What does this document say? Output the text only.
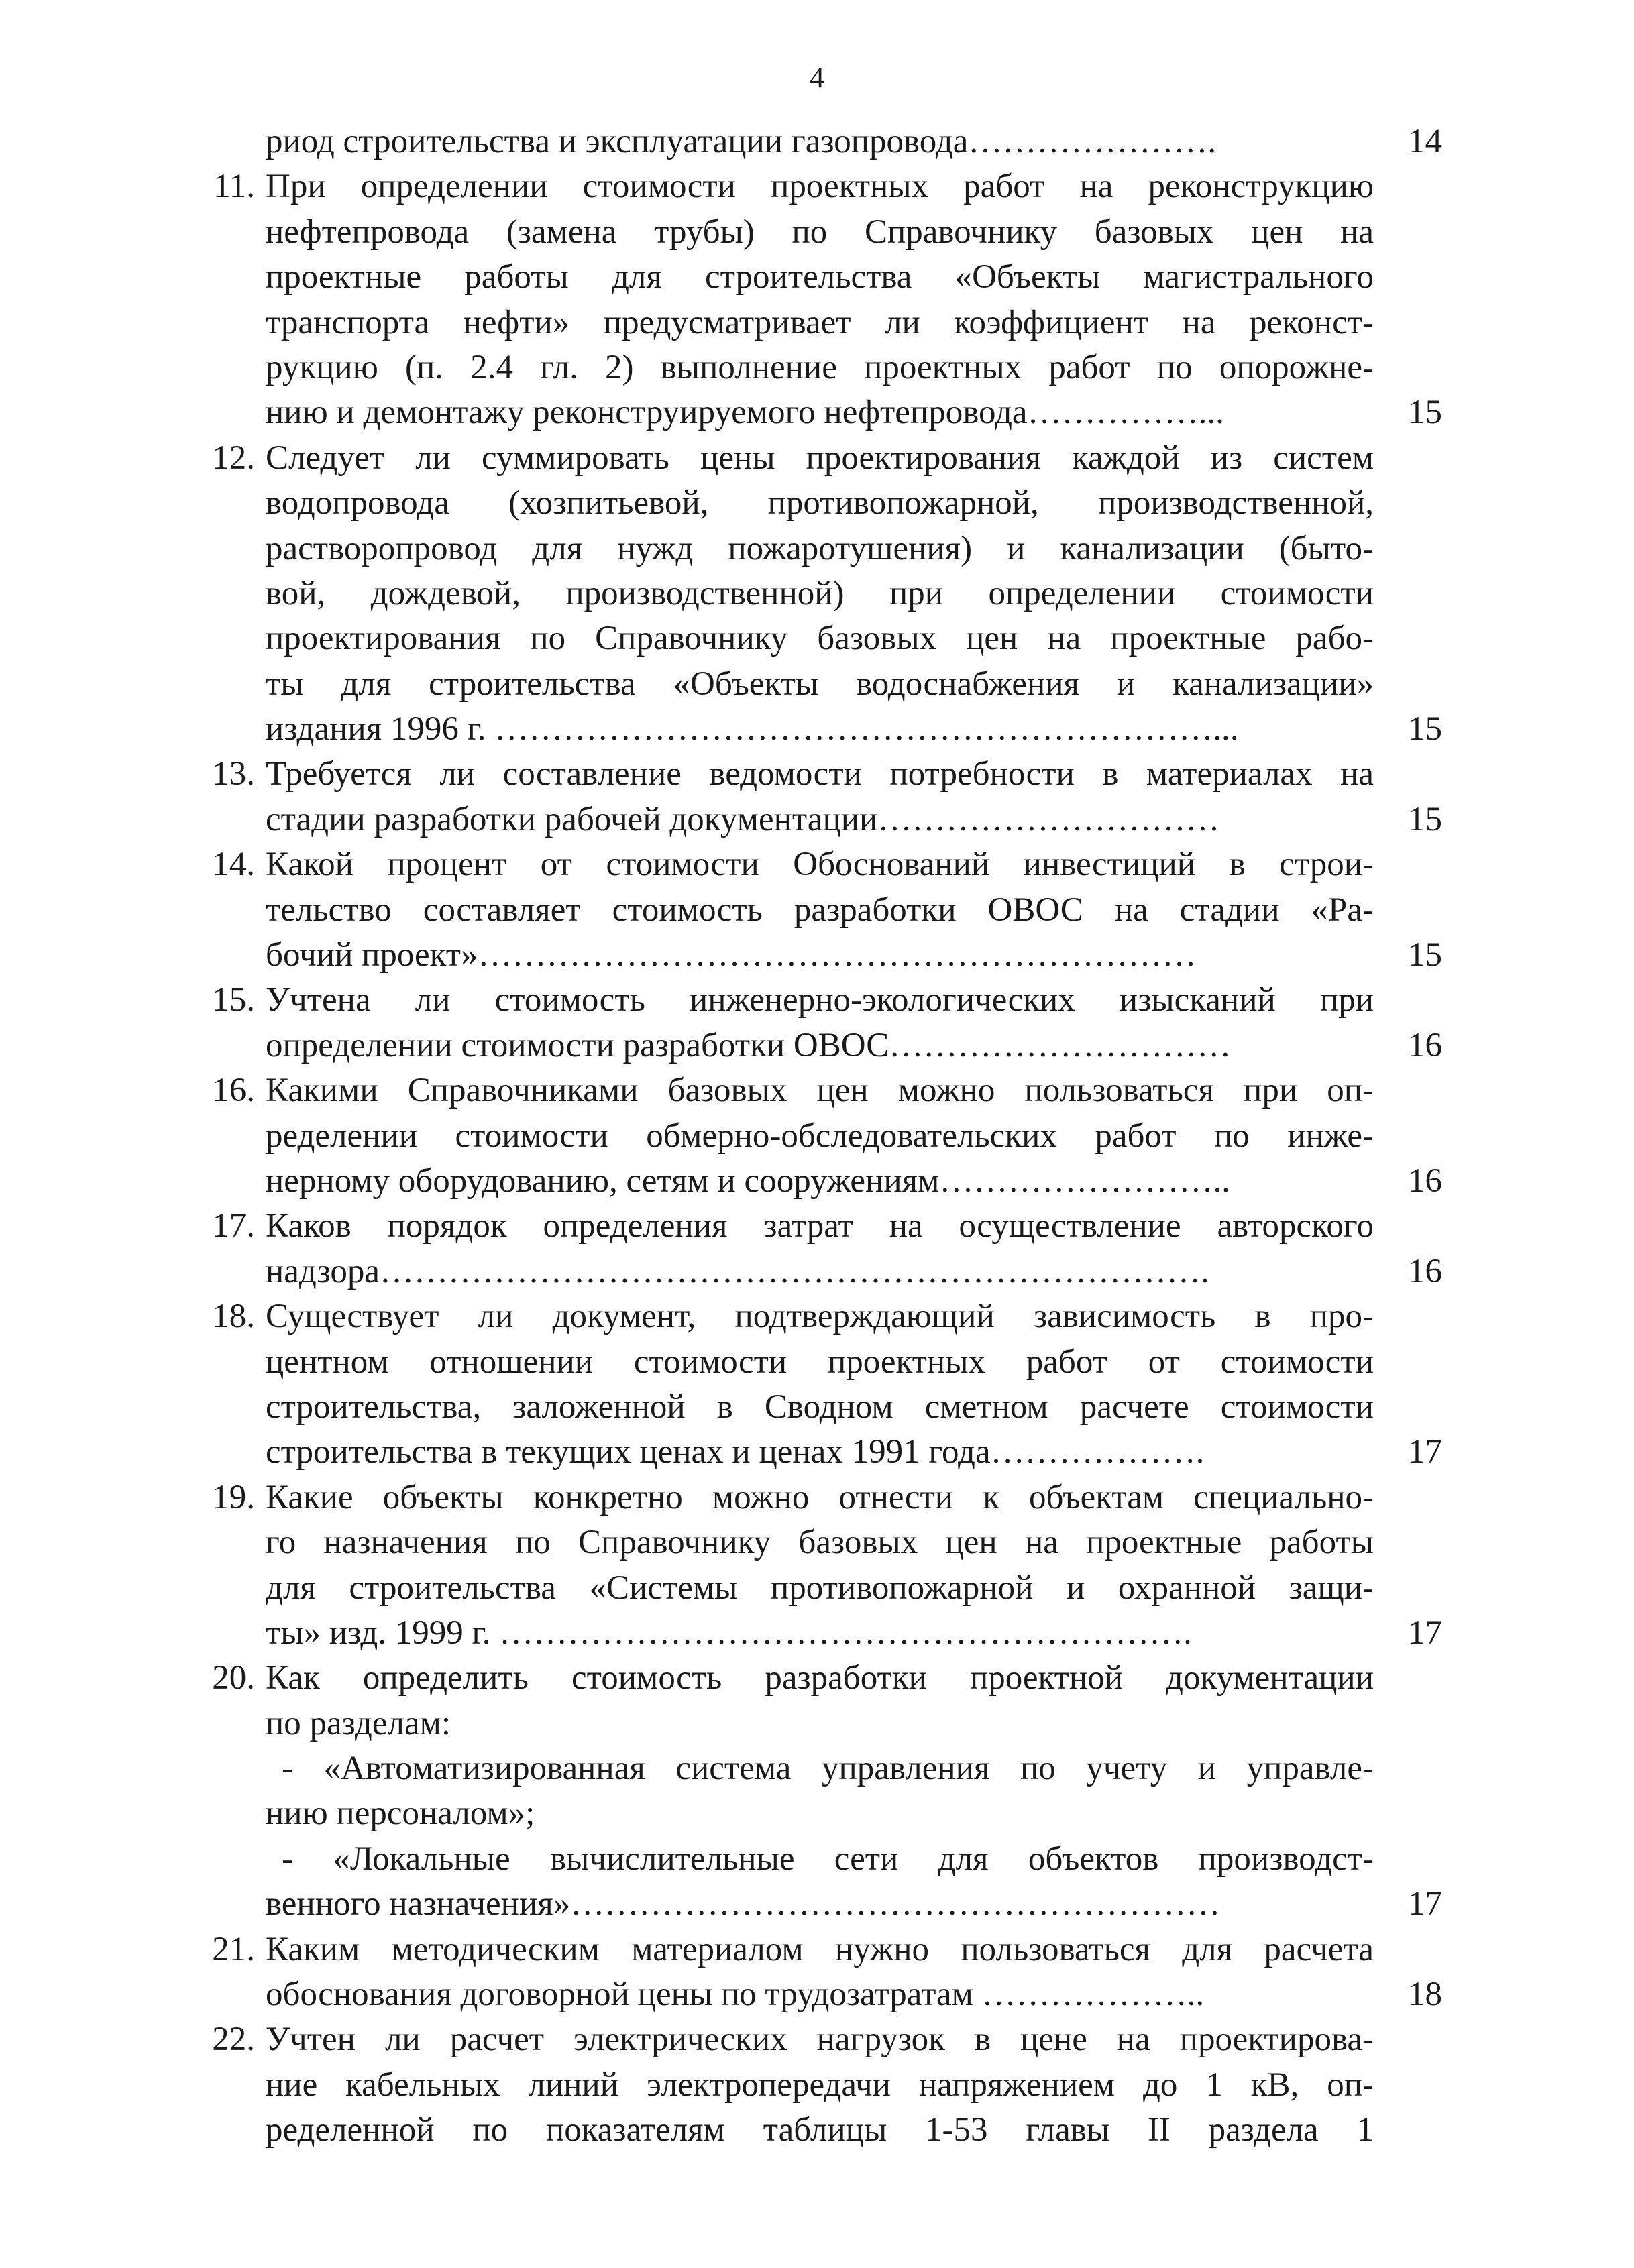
4
риод строительства и эксплуатации газопровода………………….	14
11. При определении стоимости проектных работ на реконструкцию
нефтепровода (замена трубы) по Справочнику базовых цен на
проектные работы для строительства «Объекты магистрального
транспорта нефти» предусматривает ли коэффициент на реконст-
рукцию (п. 2.4 гл. 2) выполнение проектных работ по опорожне-
нию и демонтажу реконструируемого нефтепровода……………...	15
12. Следует ли суммировать цены проектирования каждой из систем
водопровода (хозпитьевой, противопожарной, производственной,
растворопровод для нужд пожаротушения) и канализации (быто-
вой, дождевой, производственной) при определении стоимости
проектирования по Справочнику базовых цен на проектные рабо-
ты для строительства «Объекты водоснабжения и канализации»
издания 1996 г. ………………………………………………………...	15
13. Требуется ли составление ведомости потребности в материалах на
стадии разработки рабочей документации…………………………	15
14. Какой процент от стоимости Обоснований инвестиций в строи-
тельство составляет стоимость разработки ОВОС на стадии «Ра-
бочий проект»………………………………………………………	15
15. Учтена ли стоимость инженерно-экологических изысканий при
определении стоимости разработки ОВОС…………………………	16
16. Какими Справочниками базовых цен можно пользоваться при оп-
ределении стоимости обмерно-обследовательских работ по инже-
нерному оборудованию, сетям и сооружениям……………………..	16
17. Каков порядок определения затрат на осуществление авторского
надзора……………………………………………………………….	16
18. Существует ли документ, подтверждающий зависимость в про-
центном отношении стоимости проектных работ от стоимости
строительства, заложенной в Сводном сметном расчете стоимости
строительства в текущих ценах и ценах 1991 года……………….	17
19. Какие объекты конкретно можно отнести к объектам специально-
го назначения по Справочнику базовых цен на проектные работы
для строительства «Системы противопожарной и охранной защи-
ты» изд. 1999 г. …………………………………………………….	17
20. Как определить стоимость разработки проектной документации
по разделам:
- «Автоматизированная система управления по учету и управле-
нию персоналом»;
- «Локальные вычислительные сети для объектов производст-
венного назначения»…………………………………………………	17
21. Каким методическим материалом нужно пользоваться для расчета
обоснования договорной цены по трудозатратам ………………..	18
22. Учтен ли расчет электрических нагрузок в цене на проектирова-
ние кабельных линий электропередачи напряжением до 1 кВ, оп-
ределенной по показателям таблицы 1-53 главы II раздела 1
